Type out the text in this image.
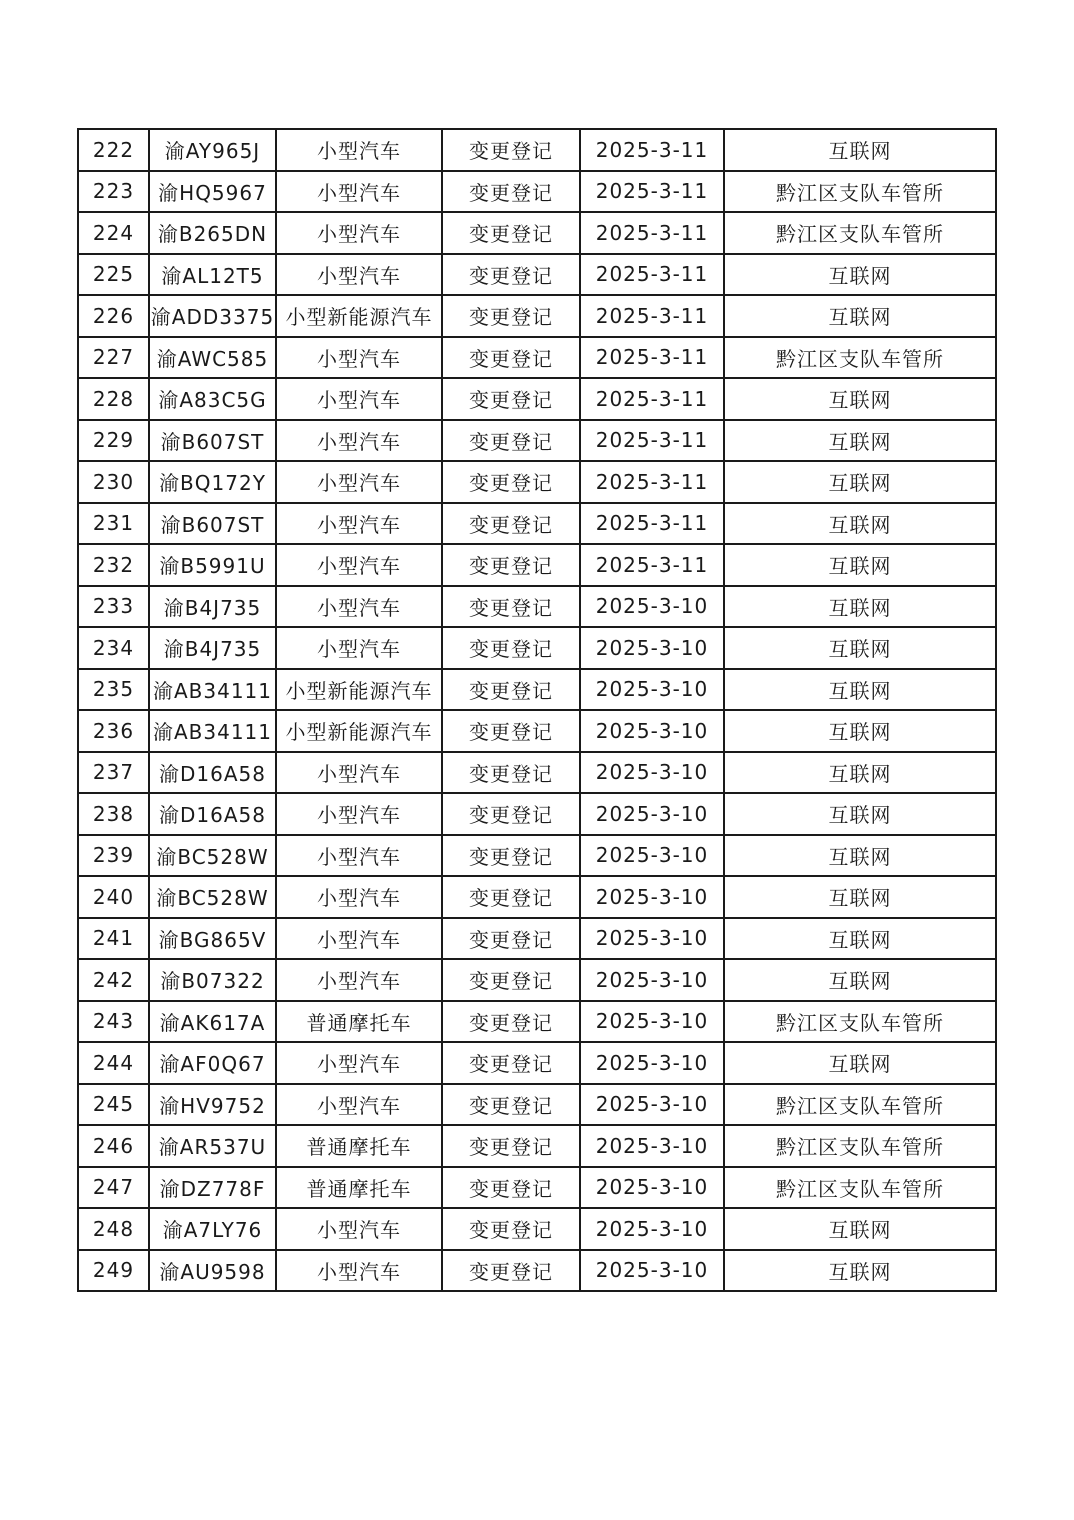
222	渝AY965J	小型汽车	变更登记	2025-3-11	互联网
223	渝HQ5967	小型汽车	变更登记	2025-3-11	黔江区支队车管所
224	渝B265DN	小型汽车	变更登记	2025-3-11	黔江区支队车管所
225	渝AL12T5	小型汽车	变更登记	2025-3-11	互联网
226	渝ADD3375	小型新能源汽车	变更登记	2025-3-11	互联网
227	渝AWC585	小型汽车	变更登记	2025-3-11	黔江区支队车管所
228	渝A83C5G	小型汽车	变更登记	2025-3-11	互联网
229	渝B607ST	小型汽车	变更登记	2025-3-11	互联网
230	渝BQ172Y	小型汽车	变更登记	2025-3-11	互联网
231	渝B607ST	小型汽车	变更登记	2025-3-11	互联网
232	渝B5991U	小型汽车	变更登记	2025-3-11	互联网
233	渝B4J735	小型汽车	变更登记	2025-3-10	互联网
234	渝B4J735	小型汽车	变更登记	2025-3-10	互联网
235	渝AB34111	小型新能源汽车	变更登记	2025-3-10	互联网
236	渝AB34111	小型新能源汽车	变更登记	2025-3-10	互联网
237	渝D16A58	小型汽车	变更登记	2025-3-10	互联网
238	渝D16A58	小型汽车	变更登记	2025-3-10	互联网
239	渝BC528W	小型汽车	变更登记	2025-3-10	互联网
240	渝BC528W	小型汽车	变更登记	2025-3-10	互联网
241	渝BG865V	小型汽车	变更登记	2025-3-10	互联网
242	渝B07322	小型汽车	变更登记	2025-3-10	互联网
243	渝AK617A	普通摩托车	变更登记	2025-3-10	黔江区支队车管所
244	渝AF0Q67	小型汽车	变更登记	2025-3-10	互联网
245	渝HV9752	小型汽车	变更登记	2025-3-10	黔江区支队车管所
246	渝AR537U	普通摩托车	变更登记	2025-3-10	黔江区支队车管所
247	渝DZ778F	普通摩托车	变更登记	2025-3-10	黔江区支队车管所
248	渝A7LY76	小型汽车	变更登记	2025-3-10	互联网
249	渝AU9598	小型汽车	变更登记	2025-3-10	互联网
